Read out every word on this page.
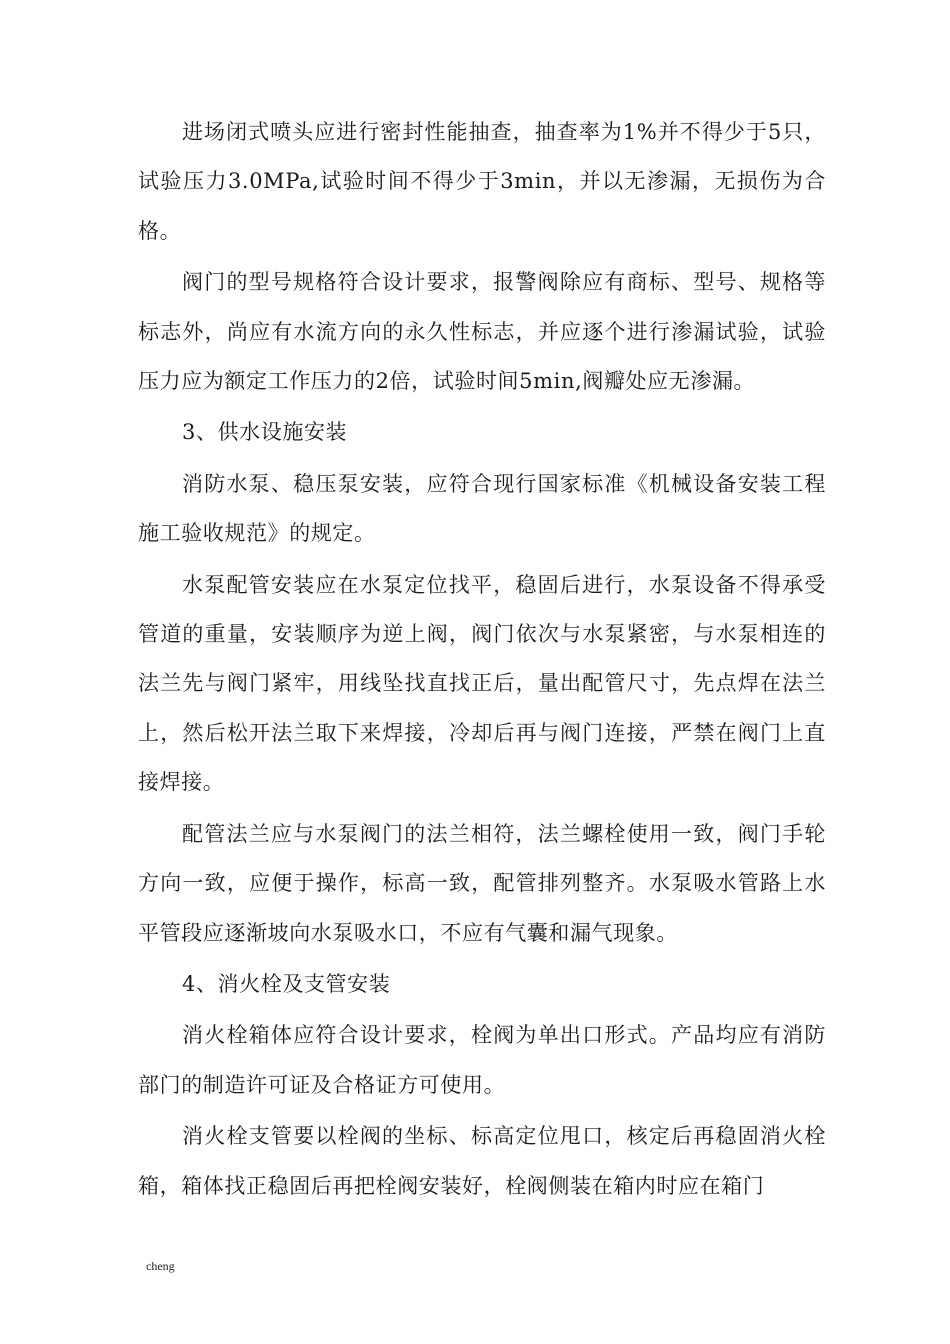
进场闭式喷头应进行密封性能抽查，抽查率为1%并不得少于5只，试验压力3.0MPa,试验时间不得少于3min，并以无渗漏，无损伤为合格。

阀门的型号规格符合设计要求，报警阀除应有商标、型号、规格等标志外，尚应有水流方向的永久性标志，并应逐个进行渗漏试验，试验压力应为额定工作压力的2倍，试验时间5min,阀瓣处应无渗漏。

3、供水设施安装

消防水泵、稳压泵安装，应符合现行国家标准《机械设备安装工程施工验收规范》的规定。

水泵配管安装应在水泵定位找平，稳固后进行，水泵设备不得承受管道的重量，安装顺序为逆上阀，阀门依次与水泵紧密，与水泵相连的法兰先与阀门紧牢，用线坠找直找正后，量出配管尺寸，先点焊在法兰上，然后松开法兰取下来焊接，冷却后再与阀门连接，严禁在阀门上直接焊接。

配管法兰应与水泵阀门的法兰相符，法兰螺栓使用一致，阀门手轮方向一致，应便于操作，标高一致，配管排列整齐。水泵吸水管路上水平管段应逐渐坡向水泵吸水口，不应有气囊和漏气现象。

4、消火栓及支管安装

消火栓箱体应符合设计要求，栓阀为单出口形式。产品均应有消防部门的制造许可证及合格证方可使用。

消火栓支管要以栓阀的坐标、标高定位甩口，核定后再稳固消火栓箱，箱体找正稳固后再把栓阀安装好，栓阀侧装在箱内时应在箱门

cheng
